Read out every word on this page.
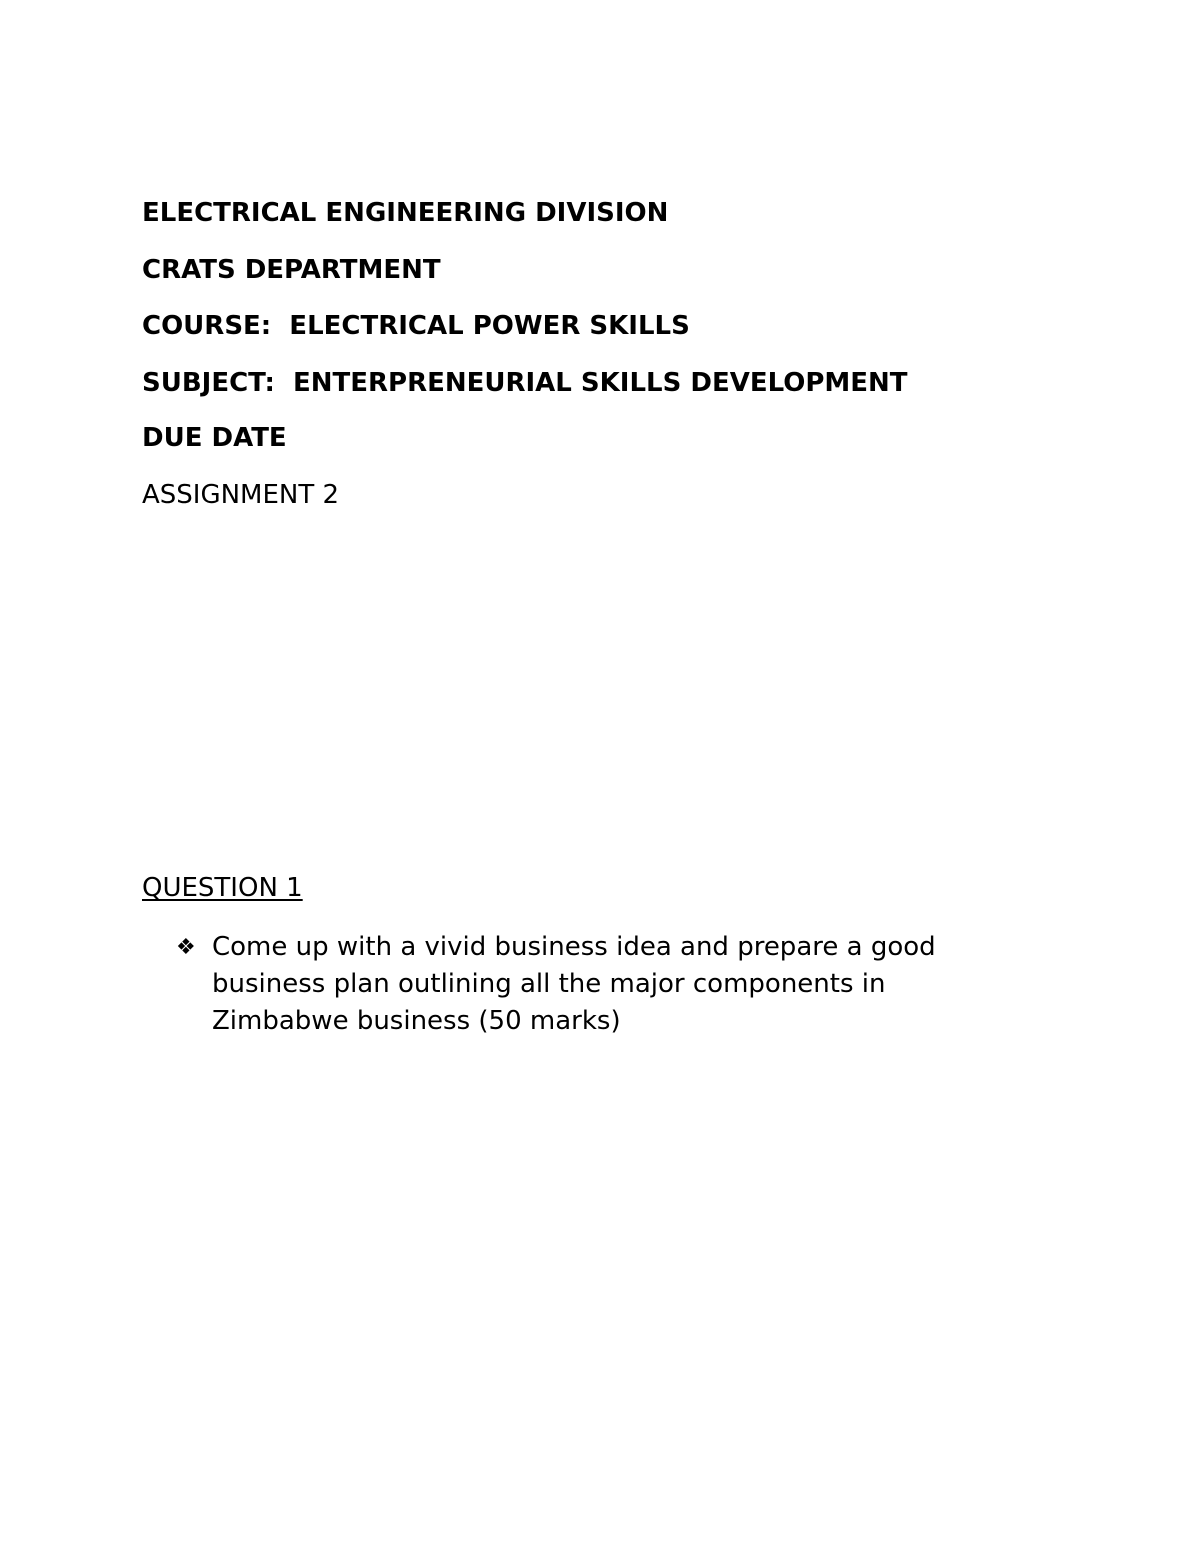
ELECTRICAL ENGINEERING DIVISION

CRATS DEPARTMENT

COURSE:  ELECTRICAL POWER SKILLS

SUBJECT:  ENTERPRENEURIAL SKILLS DEVELOPMENT

DUE DATE

ASSIGNMENT 2

QUESTION 1

❖ Come up with a vivid business idea and prepare a good business plan outlining all the major components in Zimbabwe business (50 marks)
